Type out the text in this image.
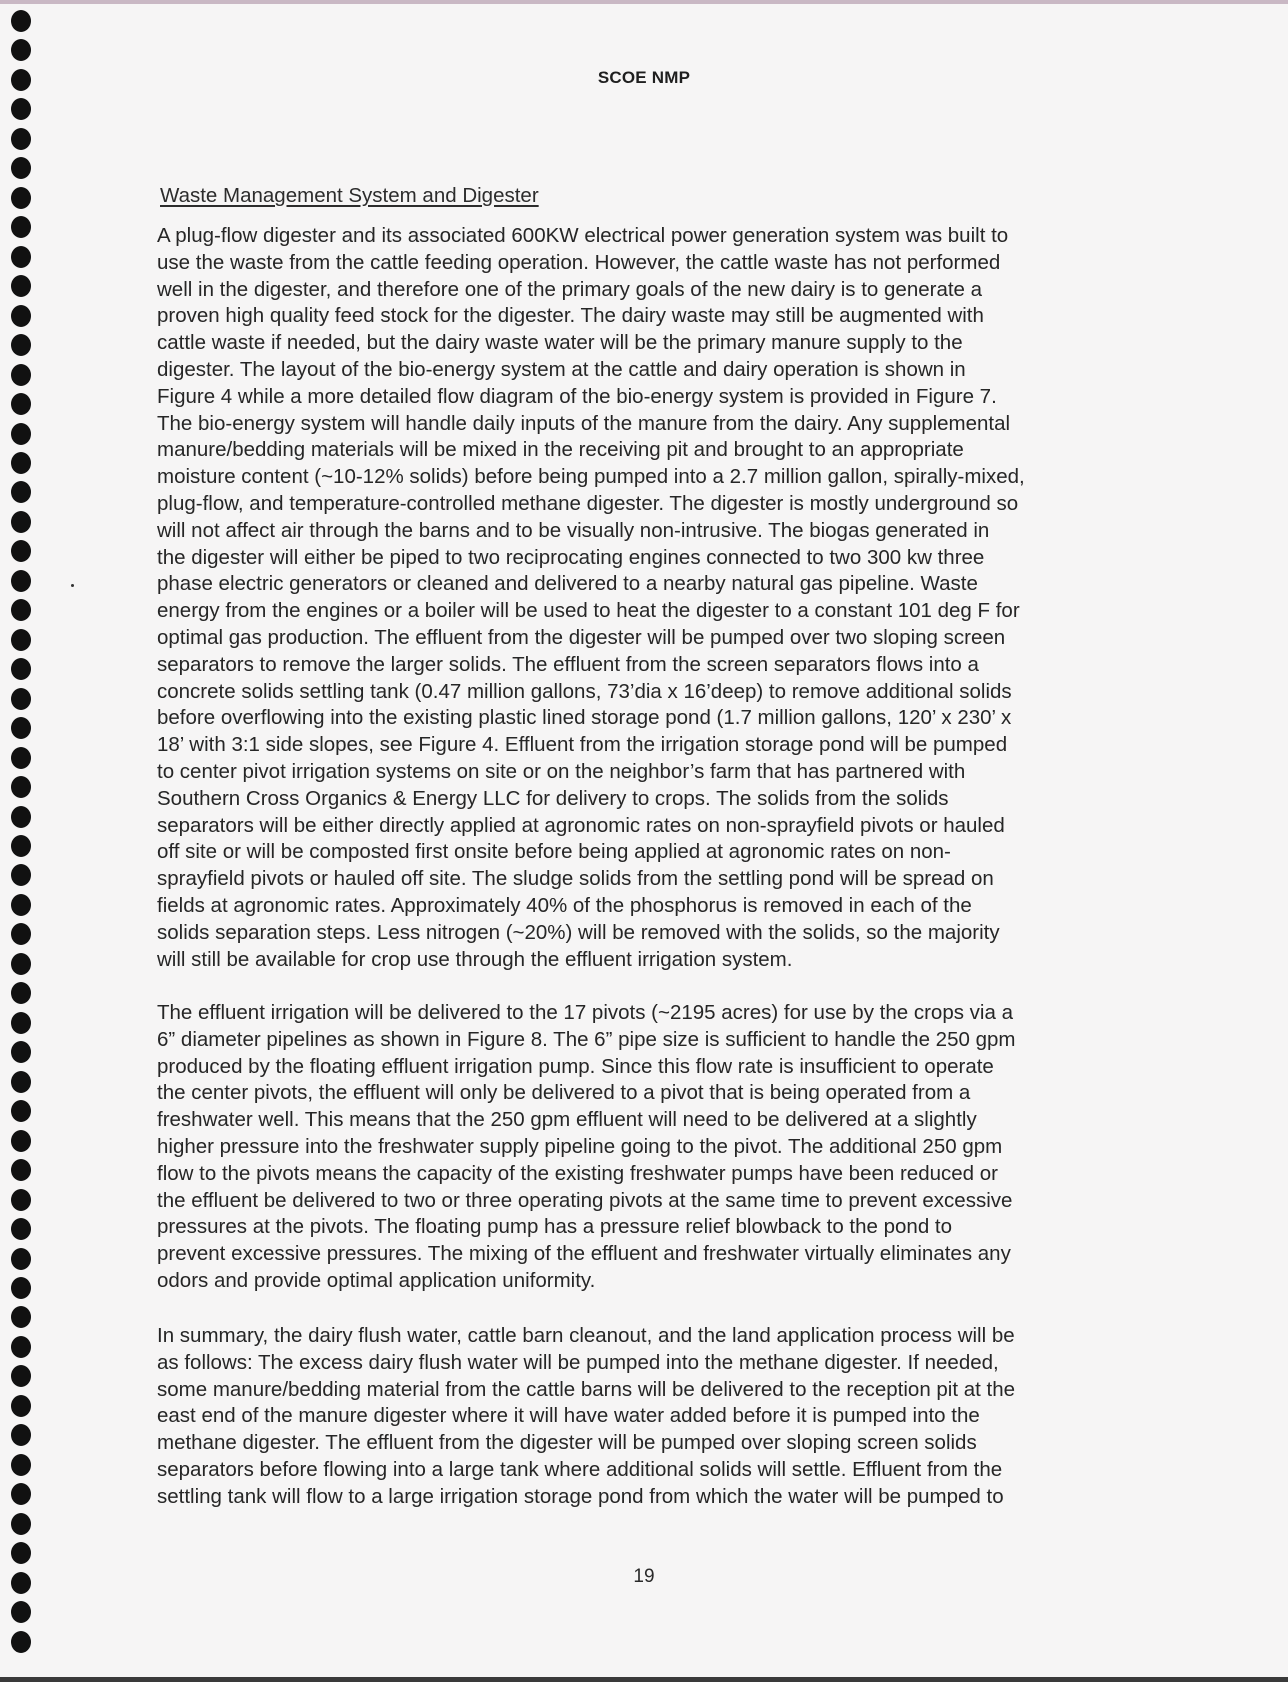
SCOE NMP
Waste Management System and Digester
A plug-flow digester and its associated 600KW electrical power generation system was built to
use the waste from the cattle feeding operation. However, the cattle waste has not performed
well in the digester, and therefore one of the primary goals of the new dairy is to generate a
proven high quality feed stock for the digester. The dairy waste may still be augmented with
cattle waste if needed, but the dairy waste water will be the primary manure supply to the
digester. The layout of the bio-energy system at the cattle and dairy operation is shown in
Figure 4 while a more detailed flow diagram of the bio-energy system is provided in Figure 7.
The bio-energy system will handle daily inputs of the manure from the dairy. Any supplemental
manure/bedding materials will be mixed in the receiving pit and brought to an appropriate
moisture content (~10-12% solids) before being pumped into a 2.7 million gallon, spirally-mixed,
plug-flow, and temperature-controlled methane digester. The digester is mostly underground so
will not affect air through the barns and to be visually non-intrusive. The biogas generated in
the digester will either be piped to two reciprocating engines connected to two 300 kw three
phase electric generators or cleaned and delivered to a nearby natural gas pipeline. Waste
energy from the engines or a boiler will be used to heat the digester to a constant 101 deg F for
optimal gas production. The effluent from the digester will be pumped over two sloping screen
separators to remove the larger solids. The effluent from the screen separators flows into a
concrete solids settling tank (0.47 million gallons, 73’dia x 16’deep) to remove additional solids
before overflowing into the existing plastic lined storage pond (1.7 million gallons, 120’ x 230’ x
18’ with 3:1 side slopes, see Figure 4. Effluent from the irrigation storage pond will be pumped
to center pivot irrigation systems on site or on the neighbor’s farm that has partnered with
Southern Cross Organics & Energy LLC for delivery to crops. The solids from the solids
separators will be either directly applied at agronomic rates on non-sprayfield pivots or hauled
off site or will be composted first onsite before being applied at agronomic rates on non-
sprayfield pivots or hauled off site. The sludge solids from the settling pond will be spread on
fields at agronomic rates. Approximately 40% of the phosphorus is removed in each of the
solids separation steps. Less nitrogen (~20%) will be removed with the solids, so the majority
will still be available for crop use through the effluent irrigation system.
The effluent irrigation will be delivered to the 17 pivots (~2195 acres) for use by the crops via a
6” diameter pipelines as shown in Figure 8. The 6” pipe size is sufficient to handle the 250 gpm
produced by the floating effluent irrigation pump. Since this flow rate is insufficient to operate
the center pivots, the effluent will only be delivered to a pivot that is being operated from a
freshwater well. This means that the 250 gpm effluent will need to be delivered at a slightly
higher pressure into the freshwater supply pipeline going to the pivot. The additional 250 gpm
flow to the pivots means the capacity of the existing freshwater pumps have been reduced or
the effluent be delivered to two or three operating pivots at the same time to prevent excessive
pressures at the pivots. The floating pump has a pressure relief blowback to the pond to
prevent excessive pressures. The mixing of the effluent and freshwater virtually eliminates any
odors and provide optimal application uniformity.
In summary, the dairy flush water, cattle barn cleanout, and the land application process will be
as follows: The excess dairy flush water will be pumped into the methane digester. If needed,
some manure/bedding material from the cattle barns will be delivered to the reception pit at the
east end of the manure digester where it will have water added before it is pumped into the
methane digester. The effluent from the digester will be pumped over sloping screen solids
separators before flowing into a large tank where additional solids will settle. Effluent from the
settling tank will flow to a large irrigation storage pond from which the water will be pumped to
19
